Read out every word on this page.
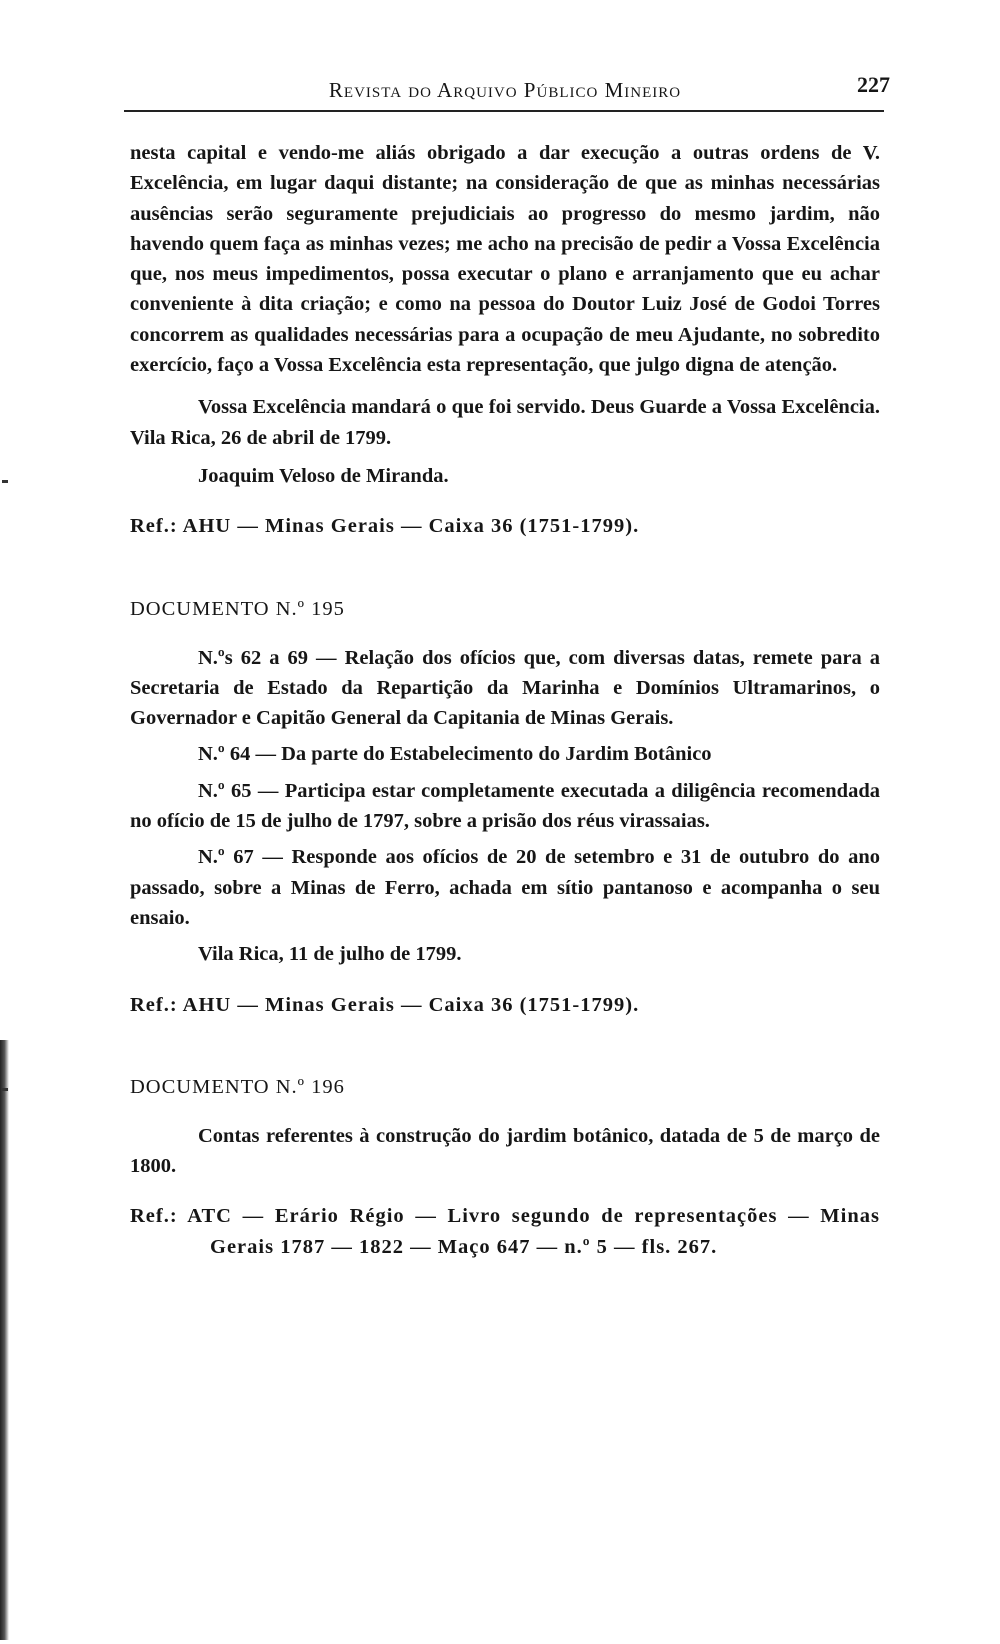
Revista do Arquivo Público Mineiro	227

nesta capital e vendo-me aliás obrigado a dar execução a outras ordens de V. Excelência, em lugar daqui distante; na consideração de que as minhas necessárias ausências serão seguramente prejudiciais ao progresso do mesmo jardim, não havendo quem faça as minhas vezes; me acho na precisão de pedir a Vossa Excelência que, nos meus impedimentos, possa executar o plano e arranjamento que eu achar conveniente à dita criação; e como na pessoa do Doutor Luiz José de Godoi Torres concorrem as qualidades necessárias para a ocupação de meu Ajudante, no sobredito exercício, faço a Vossa Excelência esta representação, que julgo digna de atenção.

Vossa Excelência mandará o que foi servido. Deus Guarde a Vossa Excelência. Vila Rica, 26 de abril de 1799.

Joaquim Veloso de Miranda.

Ref.: AHU — Minas Gerais — Caixa 36 (1751-1799).

DOCUMENTO N.º 195

N.ºs 62 a 69 — Relação dos ofícios que, com diversas datas, remete para a Secretaria de Estado da Repartição da Marinha e Domínios Ultramarinos, o Governador e Capitão General da Capitania de Minas Gerais.

N.º 64 — Da parte do Estabelecimento do Jardim Botânico

N.º 65 — Participa estar completamente executada a diligência recomendada no ofício de 15 de julho de 1797, sobre a prisão dos réus virassaias.

N.º 67 — Responde aos ofícios de 20 de setembro e 31 de outubro do ano passado, sobre a Minas de Ferro, achada em sítio pantanoso e acompanha o seu ensaio.

Vila Rica, 11 de julho de 1799.

Ref.: AHU — Minas Gerais — Caixa 36 (1751-1799).

DOCUMENTO N.º 196

Contas referentes à construção do jardim botânico, datada de 5 de março de 1800.

Ref.: ATC — Erário Régio — Livro segundo de representações — Minas Gerais 1787 — 1822 — Maço 647 — n.º 5 — fls. 267.
